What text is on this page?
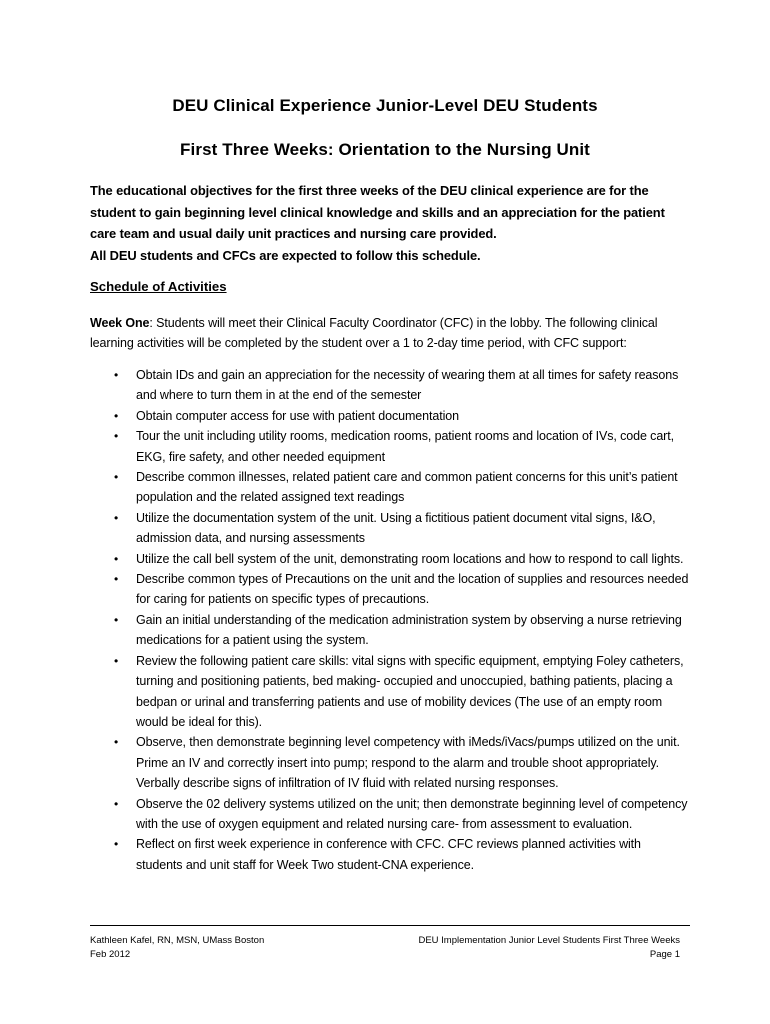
DEU Clinical Experience Junior-Level DEU Students
First Three Weeks: Orientation to the Nursing Unit

The educational objectives for the first three weeks of the DEU clinical experience are for the student to gain beginning level clinical knowledge and skills and an appreciation for the patient care team and usual daily unit practices and nursing care provided.

All DEU students and CFCs are expected to follow this schedule.

Schedule of Activities
Week One: Students will meet their Clinical Faculty Coordinator (CFC) in the lobby. The following clinical learning activities will be completed by the student over a 1 to 2-day time period, with CFC support:
•	Obtain IDs and gain an appreciation for the necessity of wearing them at all times for safety reasons and where to turn them in at the end of the semester
•	Obtain computer access for use with patient documentation
•	Tour the unit including utility rooms, medication rooms, patient rooms and location of IVs, code cart, EKG, fire safety, and other needed equipment
•	Describe common illnesses, related patient care and common patient concerns for this unit’s patient population and the related assigned text readings
•	Utilize the documentation system of the unit. Using a fictitious patient document vital signs, I&O, admission data, and nursing assessments
•	Utilize the call bell system of the unit, demonstrating room locations and how to respond to call lights.
•	Describe common types of Precautions on the unit and the location of supplies and resources needed for caring for patients on specific types of precautions.
•	Gain an initial understanding of the medication administration system by observing a nurse retrieving medications for a patient using the system.
•	Review the following patient care skills: vital signs with specific equipment, emptying Foley catheters, turning and positioning patients, bed making- occupied and unoccupied, bathing patients, placing a bedpan or urinal and transferring patients and use of mobility devices (The use of an empty room would be ideal for this).
•	Observe, then demonstrate beginning level competency with iMeds/iVacs/pumps utilized on the unit. Prime an IV and correctly insert into pump; respond to the alarm and trouble shoot appropriately. Verbally describe signs of infiltration of IV fluid with related nursing responses.
•	Observe the 02 delivery systems utilized on the unit; then demonstrate beginning level of competency with the use of oxygen equipment and related nursing care- from assessment to evaluation.
•	Reflect on first week experience in conference with CFC. CFC reviews planned activities with students and unit staff for Week Two student-CNA experience.
Kathleen Kafel, RN, MSN, UMass Boston
Feb 2012
DEU Implementation Junior Level Students First Three Weeks
Page 1
